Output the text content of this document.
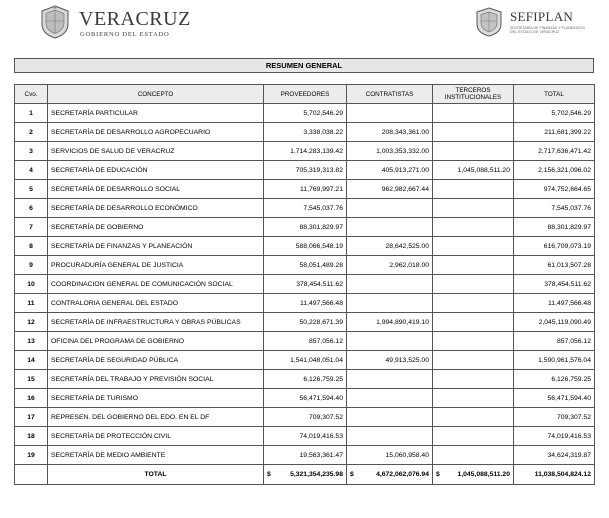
VERACRUZ
GOBIERNO DEL ESTADO
SEFIPLAN
SECRETARÍA DE FINANZAS Y PLANEACIÓN DEL ESTADO DE VERACRUZ
RESUMEN GENERAL
Cvo.	CONCEPTO	PROVEEDORES	CONTRATISTAS	TERCEROS INSTITUCIONALES	TOTAL
1	SECRETARÍA PARTICULAR	5,702,546.29			5,702,546.29
2	SECRETARÍA DE DESARROLLO AGROPECUARIO	3,338,038.22	208,343,361.00		211,681,399.22
3	SERVICIOS DE SALUD DE VERACRUZ	1,714,283,139.42	1,003,353,332.00		2,717,636,471.42
4	SECRETARÍA DE EDUCACIÓN	705,319,313.82	405,913,271.00	1,045,088,511.20	2,156,321,096.02
5	SECRETARÍA DE DESARROLLO SOCIAL	11,769,997.21	962,982,667.44		974,752,664.65
6	SECRETARÍA DE DESARROLLO ECONÓMICO	7,545,037.76			7,545,037.76
7	SECRETARÍA DE GOBIERNO	88,301,829.97			88,301,829.97
8	SECRETARÍA DE FINANZAS Y PLANEACIÓN	588,066,548.19	28,642,525.00		616,709,073.19
9	PROCURADURÍA GENERAL DE JUSTICIA	58,051,489.28	2,962,018.00		61,013,507.28
10	COORDINACION GENERAL DE COMUNICACIÓN SOCIAL	378,454,511.62			378,454,511.62
11	CONTRALORIA GENERAL DEL ESTADO	11,497,566.48			11,497,566.48
12	SECRETARÍA DE INFRAESTRUCTURA Y OBRAS PÚBLICAS	50,228,671.39	1,994,890,419.10		2,045,119,090.49
13	OFICINA DEL PROGRAMA DE GOBIERNO	857,056.12			857,056.12
14	SECRETARÍA DE SEGURIDAD PÚBLICA	1,541,048,051.04	49,913,525.00		1,590,961,576.04
15	SECRETARÍA DEL TRABAJO Y PREVISIÓN SOCIAL	6,126,759.25			6,126,759.25
16	SECRETARÍA DE TURISMO	56,471,594.40			56,471,594.40
17	REPRESEN. DEL GOBIERNO DEL EDO. EN EL DF	709,307.52			709,307.52
18	SECRETARÍA DE PROTECCIÓN CIVIL	74,019,416.53			74,019,416.53
19	SECRETARÍA DE MEDIO AMBIENTE	19,563,361.47	15,060,958.40		34,624,319.87
	TOTAL	$ 5,321,354,235.98	$ 4,672,062,076.94	$ 1,045,088,511.20	11,038,504,824.12
